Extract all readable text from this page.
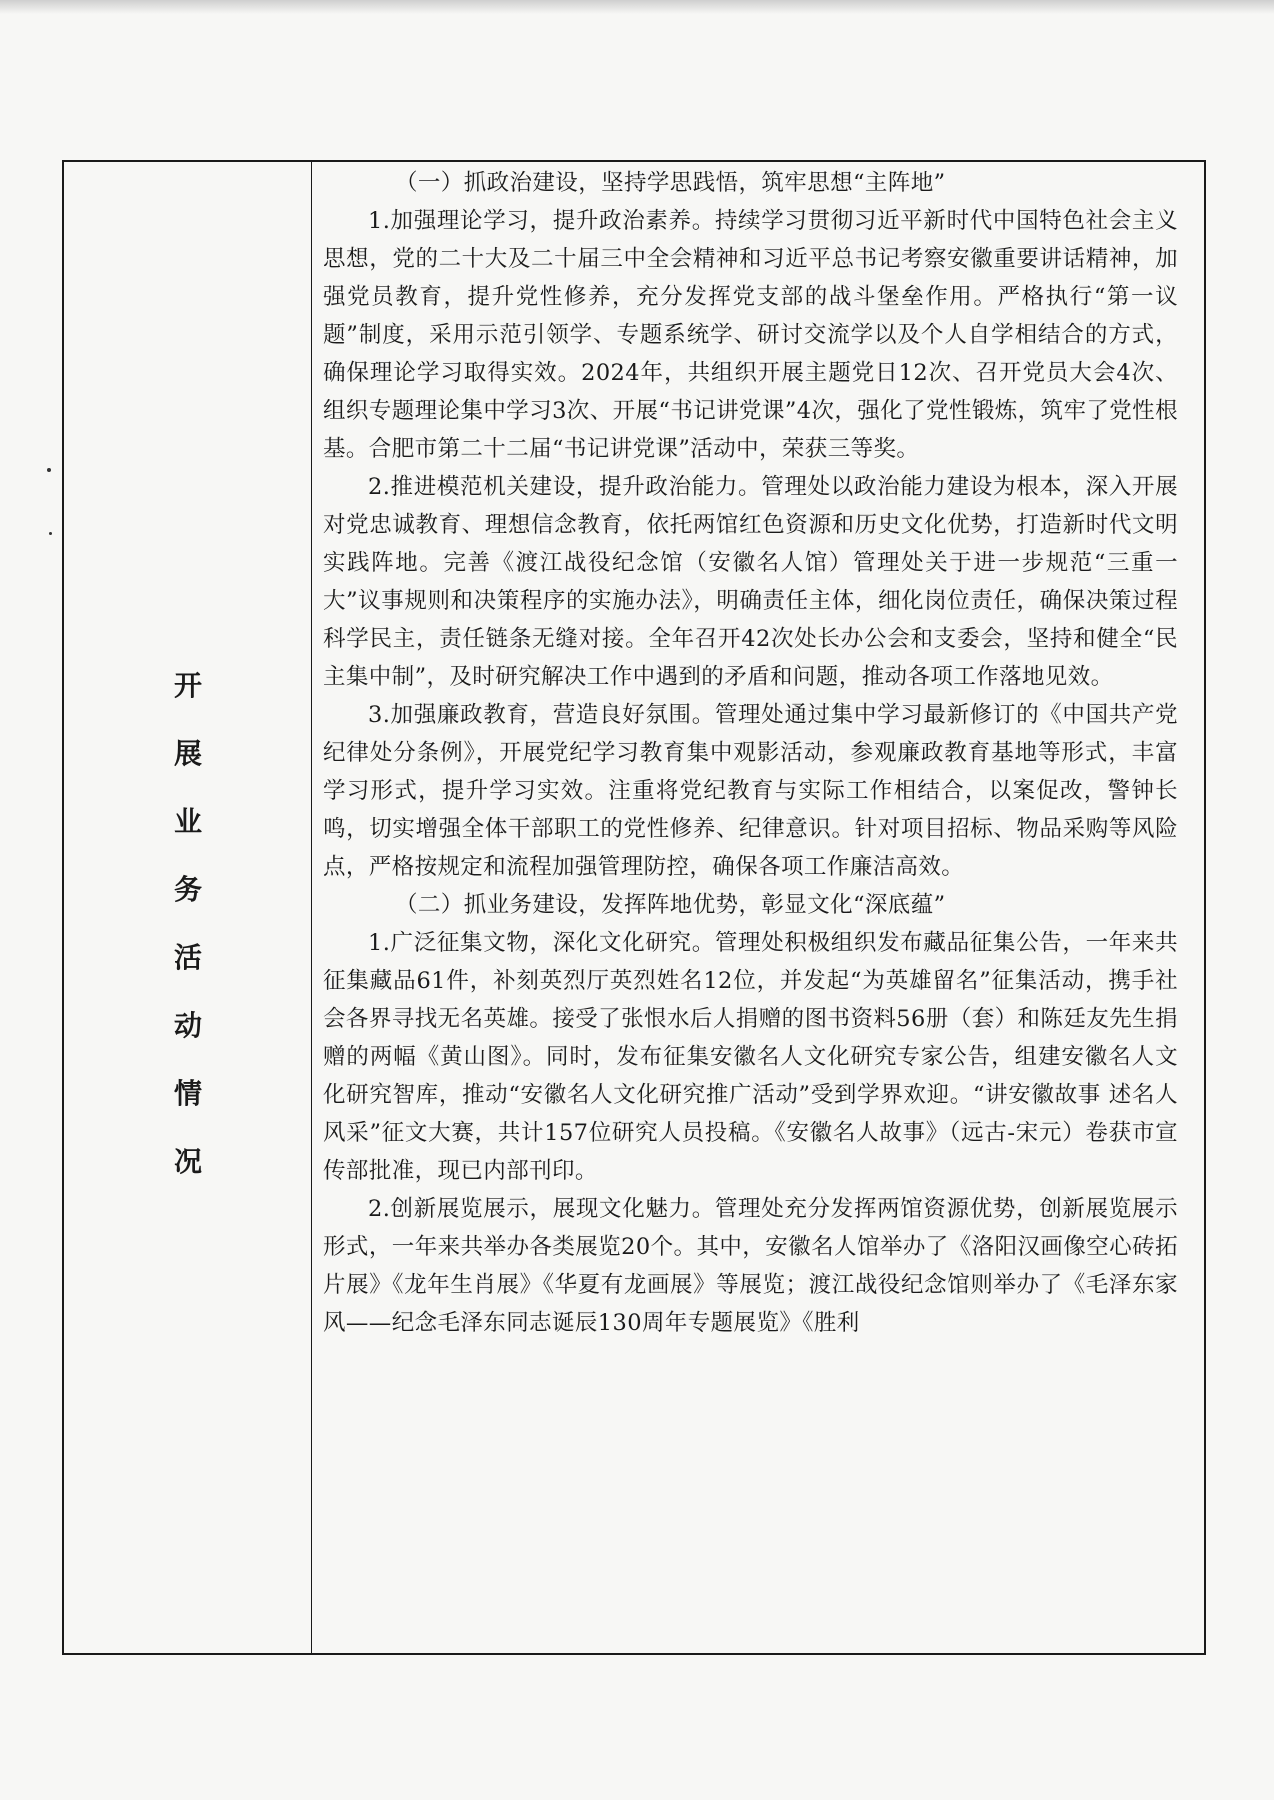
开
展
业
务
活
动
情
况

（一）抓政治建设，坚持学思践悟，筑牢思想“主阵地”

1.加强理论学习，提升政治素养。持续学习贯彻习近平新时代中国特色社会主义思想，党的二十大及二十届三中全会精神和习近平总书记考察安徽重要讲话精神，加强党员教育，提升党性修养，充分发挥党支部的战斗堡垒作用。严格执行“第一议题”制度，采用示范引领学、专题系统学、研讨交流学以及个人自学相结合的方式，确保理论学习取得实效。2024年，共组织开展主题党日12次、召开党员大会4次、组织专题理论集中学习3次、开展“书记讲党课”4次，强化了党性锻炼，筑牢了党性根基。合肥市第二十二届“书记讲党课”活动中，荣获三等奖。

2.推进模范机关建设，提升政治能力。管理处以政治能力建设为根本，深入开展对党忠诚教育、理想信念教育，依托两馆红色资源和历史文化优势，打造新时代文明实践阵地。完善《渡江战役纪念馆（安徽名人馆）管理处关于进一步规范“三重一大”议事规则和决策程序的实施办法》，明确责任主体，细化岗位责任，确保决策过程科学民主，责任链条无缝对接。全年召开42次处长办公会和支委会，坚持和健全“民主集中制”，及时研究解决工作中遇到的矛盾和问题，推动各项工作落地见效。

3.加强廉政教育，营造良好氛围。管理处通过集中学习最新修订的《中国共产党纪律处分条例》，开展党纪学习教育集中观影活动，参观廉政教育基地等形式，丰富学习形式，提升学习实效。注重将党纪教育与实际工作相结合，以案促改，警钟长鸣，切实增强全体干部职工的党性修养、纪律意识。针对项目招标、物品采购等风险点，严格按规定和流程加强管理防控，确保各项工作廉洁高效。

（二）抓业务建设，发挥阵地优势，彰显文化“深底蕴”

1.广泛征集文物，深化文化研究。管理处积极组织发布藏品征集公告，一年来共征集藏品61件，补刻英烈厅英烈姓名12位，并发起“为英雄留名”征集活动，携手社会各界寻找无名英雄。接受了张恨水后人捐赠的图书资料56册（套）和陈廷友先生捐赠的两幅《黄山图》。同时，发布征集安徽名人文化研究专家公告，组建安徽名人文化研究智库，推动“安徽名人文化研究推广活动”受到学界欢迎。“讲安徽故事 述名人风采”征文大赛，共计157位研究人员投稿。《安徽名人故事》（远古-宋元）卷获市宣传部批准，现已内部刊印。

2.创新展览展示，展现文化魅力。管理处充分发挥两馆资源优势，创新展览展示形式，一年来共举办各类展览20个。其中，安徽名人馆举办了《洛阳汉画像空心砖拓片展》《龙年生肖展》《华夏有龙画展》等展览；渡江战役纪念馆则举办了《毛泽东家风——纪念毛泽东同志诞辰130周年专题展览》《胜利
